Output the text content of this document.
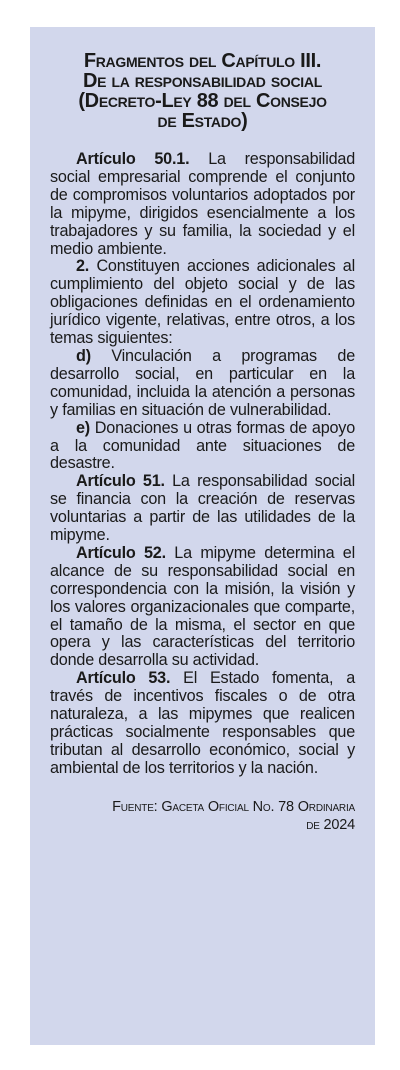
Fragmentos del Capítulo III.
De la responsabilidad social
(Decreto-Ley 88 del Consejo
de Estado)

Artículo 50.1. La responsabilidad social empresarial comprende el conjunto de compromisos voluntarios adoptados por la mipyme, dirigidos esencialmente a los trabajadores y su familia, la sociedad y el medio ambiente.

2. Constituyen acciones adicionales al cumplimiento del objeto social y de las obligaciones definidas en el ordenamiento jurídico vigente, relativas, entre otros, a los temas siguientes:

d) Vinculación a programas de desarrollo social, en particular en la comunidad, incluida la atención a personas y familias en situación de vulnerabilidad.

e) Donaciones u otras formas de apoyo a la comunidad ante situaciones de desastre.

Artículo 51. La responsabilidad social se financia con la creación de reservas voluntarias a partir de las utilidades de la mipyme.

Artículo 52. La mipyme determina el alcance de su responsabilidad social en correspondencia con la misión, la visión y los valores organizacionales que comparte, el tamaño de la misma, el sector en que opera y las características del territorio donde desarrolla su actividad.

Artículo 53. El Estado fomenta, a través de incentivos fiscales o de otra naturaleza, a las mipymes que realicen prácticas socialmente responsables que tributan al desarrollo económico, social y ambiental de los territorios y la nación.

Fuente: Gaceta Oficial No. 78 Ordinaria
de 2024
